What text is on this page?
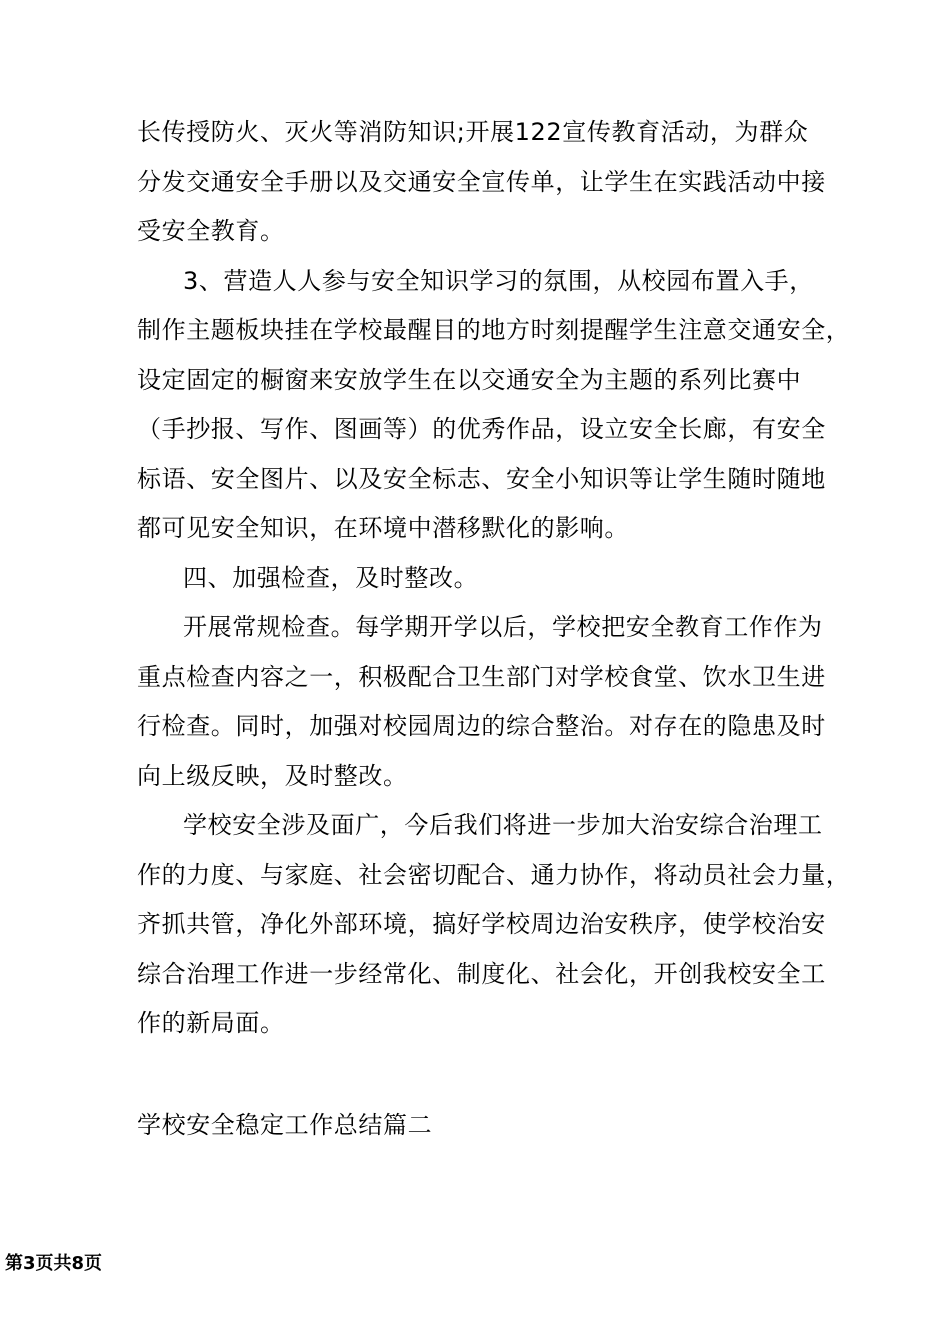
长传授防火、灭火等消防知识;开展122宣传教育活动，为群众
分发交通安全手册以及交通安全宣传单，让学生在实践活动中接
受安全教育。
3、营造人人参与安全知识学习的氛围，从校园布置入手，
制作主题板块挂在学校最醒目的地方时刻提醒学生注意交通安全，
设定固定的橱窗来安放学生在以交通安全为主题的系列比赛中
（手抄报、写作、图画等）的优秀作品，设立安全长廊，有安全
标语、安全图片、以及安全标志、安全小知识等让学生随时随地
都可见安全知识，在环境中潜移默化的影响。
四、加强检查，及时整改。
开展常规检查。每学期开学以后，学校把安全教育工作作为
重点检查内容之一，积极配合卫生部门对学校食堂、饮水卫生进
行检查。同时，加强对校园周边的综合整治。对存在的隐患及时
向上级反映，及时整改。
学校安全涉及面广，今后我们将进一步加大治安综合治理工
作的力度、与家庭、社会密切配合、通力协作，将动员社会力量，
齐抓共管，净化外部环境，搞好学校周边治安秩序，使学校治安
综合治理工作进一步经常化、制度化、社会化，开创我校安全工
作的新局面。
学校安全稳定工作总结篇二
第3页共8页
